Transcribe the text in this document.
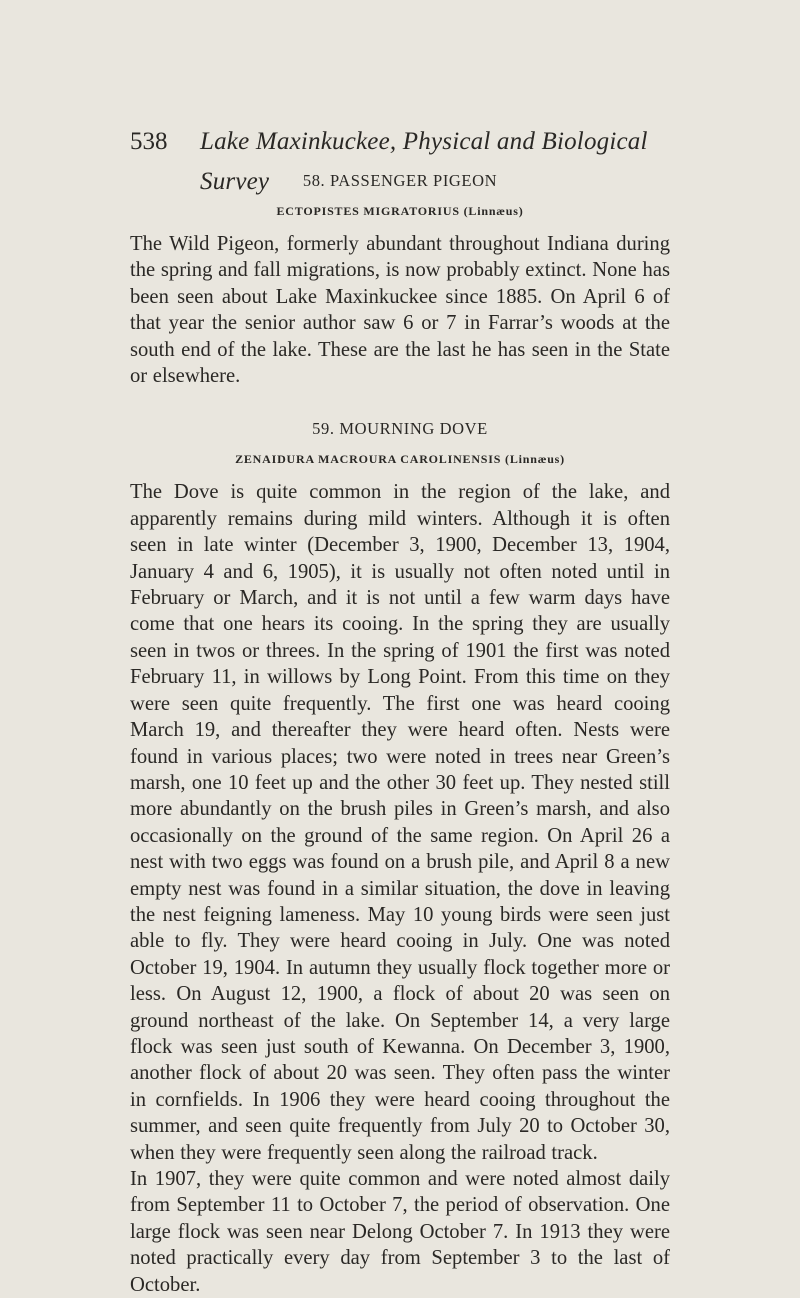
538 Lake Maxinkuckee, Physical and Biological Survey	58. PASSENGER PIGEON

ECTOPISTES MIGRATORIUS (Linnæus)

The Wild Pigeon, formerly abundant throughout Indiana during the spring and fall migrations, is now probably extinct. None has been seen about Lake Maxinkuckee since 1885. On April 6 of that year the senior author saw 6 or 7 in Farrar’s woods at the south end of the lake. These are the last he has seen in the State or elsewhere.

59. MOURNING DOVE

ZENAIDURA MACROURA CAROLINENSIS (Linnæus)

The Dove is quite common in the region of the lake, and apparently remains during mild winters. Although it is often seen in late winter (December 3, 1900, December 13, 1904, January 4 and 6, 1905), it is usually not often noted until in February or March, and it is not until a few warm days have come that one hears its cooing. In the spring they are usually seen in twos or threes. In the spring of 1901 the first was noted February 11, in willows by Long Point. From this time on they were seen quite frequently. The first one was heard cooing March 19, and thereafter they were heard often. Nests were found in various places; two were noted in trees near Green’s marsh, one 10 feet up and the other 30 feet up. They nested still more abundantly on the brush piles in Green’s marsh, and also occasionally on the ground of the same region. On April 26 a nest with two eggs was found on a brush pile, and April 8 a new empty nest was found in a similar situation, the dove in leaving the nest feigning lameness. May 10 young birds were seen just able to fly. They were heard cooing in July. One was noted October 19, 1904. In autumn they usually flock together more or less. On August 12, 1900, a flock of about 20 was seen on ground northeast of the lake. On September 14, a very large flock was seen just south of Kewanna. On December 3, 1900, another flock of about 20 was seen. They often pass the winter in cornfields. In 1906 they were heard cooing throughout the summer, and seen quite frequently from July 20 to October 30, when they were frequently seen along the railroad track.

In 1907, they were quite common and were noted almost daily from September 11 to October 7, the period of observation. One large flock was seen near Delong October 7. In 1913 they were noted practically every day from September 3 to the last of October.
